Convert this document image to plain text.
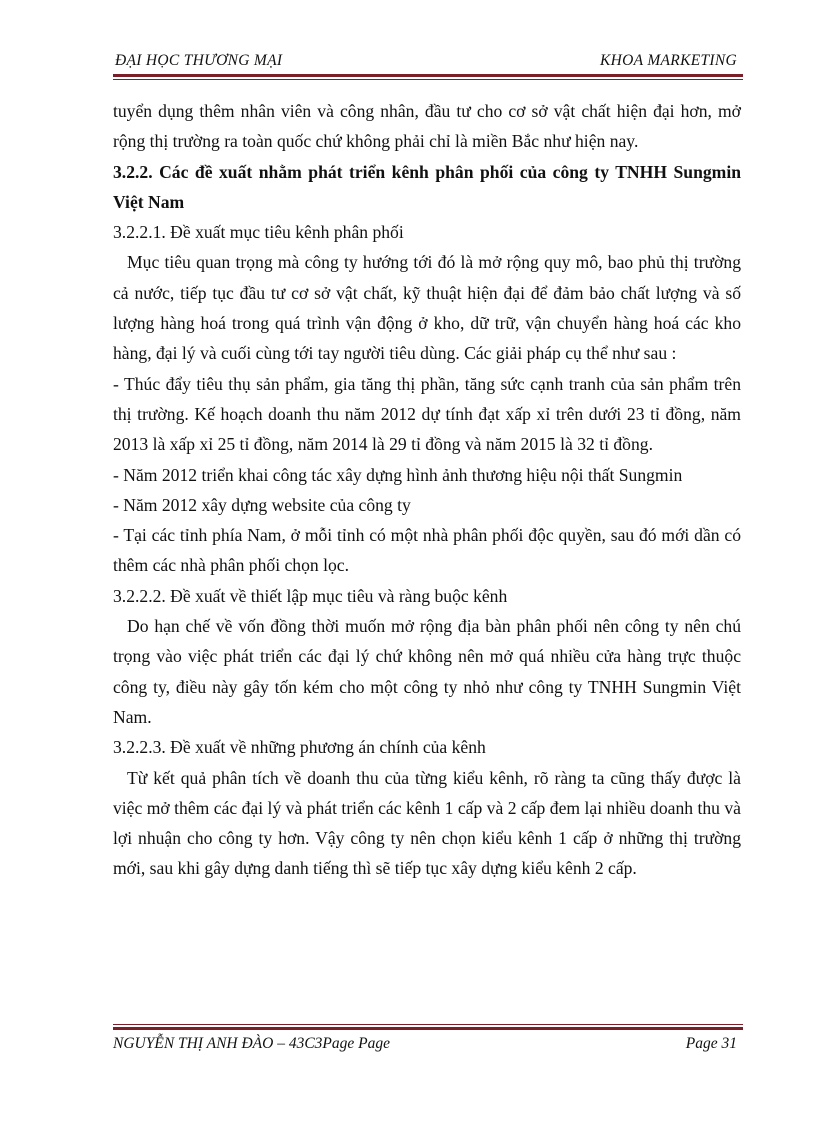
ĐẠI HỌC THƯƠNG MẠI	KHOA MARKETING

tuyển dụng thêm nhân viên và công nhân, đầu tư cho cơ sở vật chất hiện đại hơn, mở rộng thị trường ra toàn quốc chứ không phải chỉ là miền Bắc như hiện nay.

3.2.2. Các đề xuất nhằm phát triển kênh phân phối của công ty TNHH Sungmin Việt Nam

3.2.2.1. Đề xuất mục tiêu kênh phân phối

Mục tiêu quan trọng mà công ty hướng tới đó là mở rộng quy mô, bao phủ thị trường cả nước, tiếp tục đầu tư cơ sở vật chất, kỹ thuật hiện đại để đảm bảo chất lượng và số lượng hàng hoá trong quá trình vận động ở kho, dữ trữ, vận chuyển hàng hoá các kho hàng, đại lý và cuối cùng tới tay người tiêu dùng. Các giải pháp cụ thể như sau :

- Thúc đẩy tiêu thụ sản phẩm, gia tăng thị phần, tăng sức cạnh tranh của sản phẩm trên thị trường. Kế hoạch doanh thu năm 2012 dự tính đạt xấp xỉ trên dưới 23 tỉ đồng, năm 2013 là xấp xỉ 25 tỉ đồng, năm 2014 là 29 tỉ đồng và năm 2015 là 32 tỉ đồng.

- Năm 2012 triển khai công tác xây dựng hình ảnh thương hiệu nội thất Sungmin

- Năm 2012 xây dựng website của công ty

- Tại các tỉnh phía Nam, ở mỗi tỉnh có một nhà phân phối độc quyền, sau đó mới dần có thêm các nhà phân phối chọn lọc.

3.2.2.2. Đề xuất về thiết lập mục tiêu và ràng buộc kênh

Do hạn chế về vốn đồng thời muốn mở rộng địa bàn phân phối nên công ty nên chú trọng vào việc phát triển các đại lý chứ không nên mở quá nhiều cửa hàng trực thuộc công ty, điều này gây tốn kém cho một công ty nhỏ như công ty TNHH Sungmin Việt Nam.

3.2.2.3. Đề xuất về những phương án chính của kênh

Từ kết quả phân tích về doanh thu của từng kiểu kênh, rõ ràng ta cũng thấy được là việc mở thêm các đại lý và phát triển các kênh 1 cấp và 2 cấp đem lại nhiều doanh thu và lợi nhuận cho công ty hơn. Vậy công ty nên chọn kiểu kênh 1 cấp ở những thị trường mới, sau khi gây dựng danh tiếng thì sẽ tiếp tục xây dựng kiểu kênh 2 cấp.

NGUYỄN THỊ ANH ĐÀO – 43C3Page Page	Page 31
